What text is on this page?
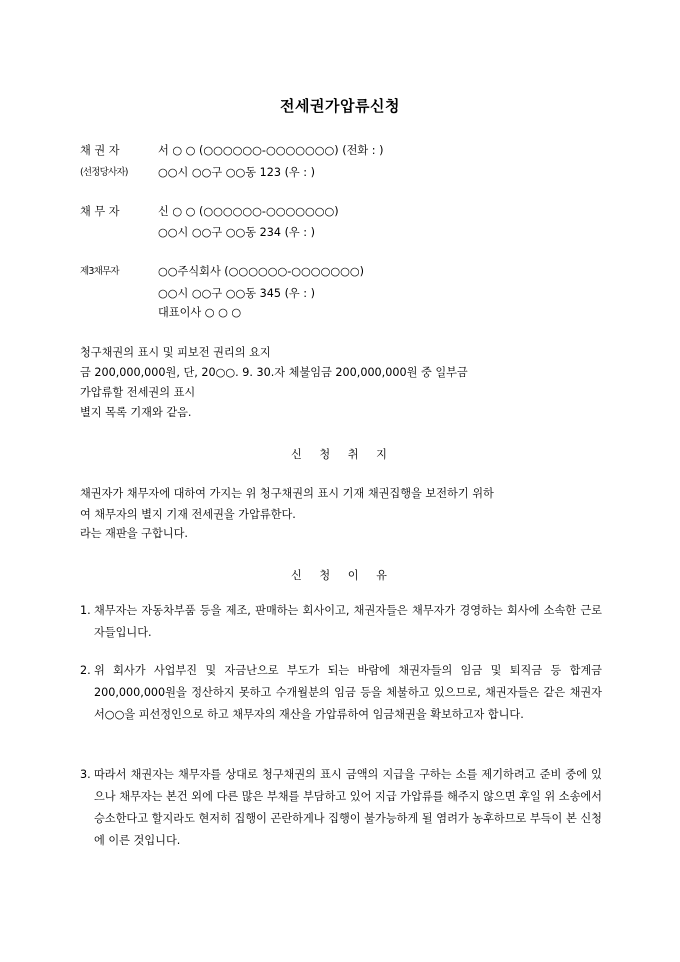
전세권가압류신청
채 권 자	서 ○ ○ (○○○○○○-○○○○○○○) (전화 : )
(선정당사자)	○○시 ○○구 ○○동 123 (우 : )
채 무 자	신 ○ ○ (○○○○○○-○○○○○○○)
○○시 ○○구 ○○동 234 (우 : )
제3채무자	○○주식회사 (○○○○○○-○○○○○○○)
○○시 ○○구 ○○동 345 (우 : )
대표이사 ○ ○ ○
청구채권의 표시 및 피보전 권리의 요지
금 200,000,000원, 단, 20○○. 9. 30.자 체불임금 200,000,000원 중 일부금
가압류할 전세권의 표시
별지 목록 기재와 같음.
신 청 취 지
채권자가 채무자에 대하여 가지는 위 청구채권의 표시 기재 채권집행을 보전하기 위하
여 채무자의 별지 기재 전세권을 가압류한다.
라는 재판을 구합니다.
신 청 이 유
1. 채무자는 자동차부품 등을 제조, 판매하는 회사이고, 채권자들은 채무자가 경영하는 회사에 소속한 근로자들입니다.
2. 위 회사가 사업부진 및 자금난으로 부도가 되는 바람에 채권자들의 임금 및 퇴직금 등 합계금 200,000,000원을 정산하지 못하고 수개월분의 임금 등을 체불하고 있으므로, 채권자들은 같은 채권자 서○○을 피선정인으로 하고 채무자의 재산을 가압류하여 임금채권을 확보하고자 합니다.
3. 따라서 채권자는 채무자를 상대로 청구채권의 표시 금액의 지급을 구하는 소를 제기하려고 준비 중에 있으나 채무자는 본건 외에 다른 많은 부채를 부담하고 있어 지급 가압류를 해주지 않으면 후일 위 소송에서 승소한다고 할지라도 현저히 집행이 곤란하게나 집행이 불가능하게 될 염려가 농후하므로 부득이 본 신청에 이른 것입니다.
